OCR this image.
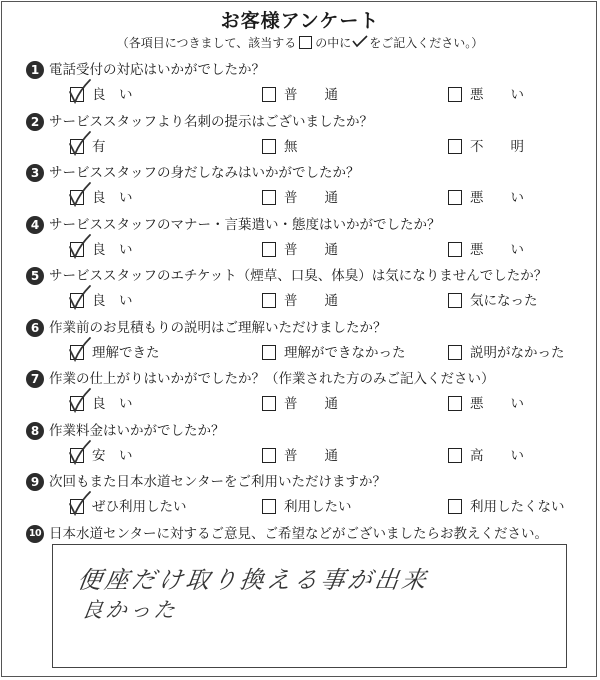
お客様アンケート
（各項目につきまして、該当する の中に をご記入ください。）
1 電話受付の対応はいかがでしたか？
良　い	普　　通	悪　　い
2 サービススタッフより名刺の提示はございましたか？
有	無	不　　明
3 サービススタッフの身だしなみはいかがでしたか？
良　い	普　　通	悪　　い
4 サービススタッフのマナー・言葉遣い・態度はいかがでしたか？
良　い	普　　通	悪　　い
5 サービススタッフのエチケット（煙草、口臭、体臭）は気になりませんでしたか？
良　い	普　　通	気になった
6 作業前のお見積もりの説明はご理解いただけましたか？
理解できた	理解ができなかった	説明がなかった
7 作業の仕上がりはいかがでしたか？（作業された方のみご記入ください）
良　い	普　　通	悪　　い
8 作業料金はいかがでしたか？
安　い	普　　通	高　　い
9 次回もまた日本水道センターをご利用いただけますか？
ぜひ利用したい	利用したい	利用したくない
10 日本水道センターに対するご意見、ご希望などがございましたらお教えください。
便座だけ取り換える事が出来
良かった
